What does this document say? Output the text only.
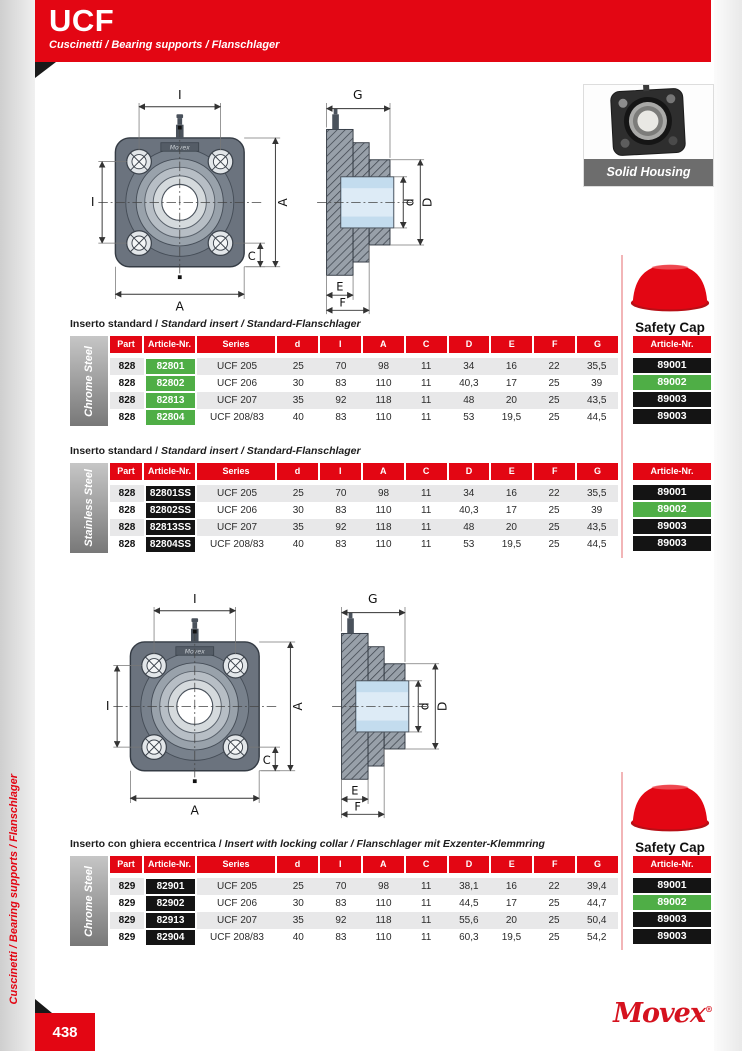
UCF
Cuscinetti / Bearing supports / Flanschlager
Movex
I
I	A
A
C
G
d D
E
F
Solid Housing
Safety Cap
Inserto standard / Standard insert / Standard-Flanschlager
Chrome Steel
Part	Article-Nr.	Series	d	I	A	C	D	E	F	G
828	82801	UCF 205	25	70	98	11	34	16	22	35,5
828	82802	UCF 206	30	83	110	11	40,3	17	25	39
828	82813	UCF 207	35	92	118	11	48	20	25	43,5
828	82804	UCF 208/83	40	83	110	11	53	19,5	25	44,5
Article-Nr.
89001
89002
89003
89003
Inserto standard / Standard insert / Standard-Flanschlager
Stainless Steel	Part	Article-Nr.	Series	d	I	A	C	D	E	F	G
828	82801SS	UCF 205	25	70	98	11	34	16	22	35,5
828	82802SS	UCF 206	30	83	110	11	40,3	17	25	39
828	82813SS	UCF 207	35	92	118	11	48	20	25	43,5
828	82804SS	UCF 208/83	40	83	110	11	53	19,5	25	44,5
Article-Nr.
89001
89002
89003
89003
Movex
I
I	A
A
C
G
d D
E
F
Safety Cap
Inserto con ghiera eccentrica / Insert with locking collar / Flanschlager mit Exzenter-Klemmring
Chrome Steel
Part	Article-Nr.	Series	d	I	A	C	D	E	F	G
829	82901	UCF 205	25	70	98	11	38,1	16	22	39,4
829	82902	UCF 206	30	83	110	11	44,5	17	25	44,7
829	82913	UCF 207	35	92	118	11	55,6	20	25	50,4
829	82904	UCF 208/83	40	83	110	11	60,3	19,5	25	54,2
Article-Nr.
89001
89002
89003
89003
Cuscinetti / Bearing supports / Flanschlager
438
Movex®
